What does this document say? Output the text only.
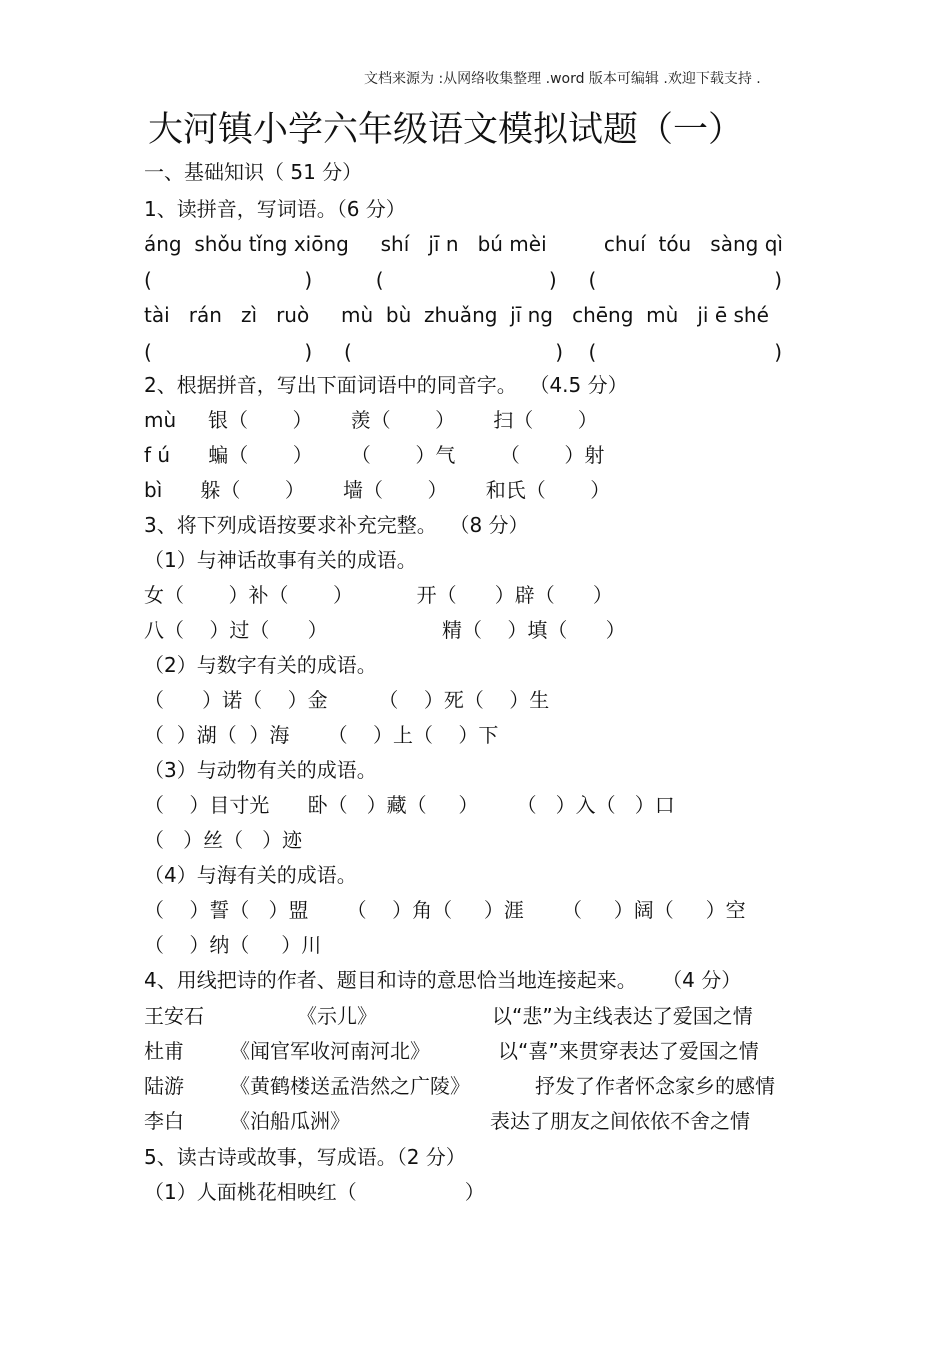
文档来源为 :从网络收集整理 .word 版本可编辑 .欢迎下载支持 .
大河镇小学六年级语文模拟试题（一）
一、基础知识（ 51 分）
1、读拼音，写词语。（6 分）
áng  shǒu tǐng xiōng     shí   jī n   bú mèi         chuí  tóu   sàng qì
(                        )          (                          )     (                            )
tài   rán   zì   ruò     mù  bù  zhuǎng  jī ng   chēng  mù   ji ē shé
(                        )     (                                )    (                            )
2、根据拼音，写出下面词语中的同音字。  （4.5 分）
mù     银（       ）      羡（       ）      扫（       ）
f ú      蝙（       ）      （       ）气       （       ）射
bì      躲（       ）      墙（       ）      和氏（       ）
3、将下列成语按要求补充完整。  （8 分）
（1）与神话故事有关的成语。
女（       ）补（       ）          开（      ）辟（      ）
八（    ）过（      ）                  精（    ）填（      ）
（2）与数字有关的成语。
（      ）诺（    ）金        （    ）死（    ）生
（  ）湖（  ）海      （    ）上（    ）下
（3）与动物有关的成语。
（    ）目寸光      卧（   ）藏（     ）      （   ）入（   ）口
（   ）丝（   ）迹
（4）与海有关的成语。
（    ）誓（   ）盟      （    ）角（     ）涯      （     ）阔（     ）空
（    ）纳（     ）川
4、用线把诗的作者、题目和诗的意思恰当地连接起来。    （4 分）
王安石	《示儿》	以“悲”为主线表达了爱国之情
杜甫 《闻官军收河南河北》	以“喜”来贯穿表达了爱国之情
陆游 《黄鹤楼送孟浩然之广陵》	抒发了作者怀念家乡的感情
李白 《泊船瓜洲》	表达了朋友之间依依不舍之情
5、读古诗或故事，写成语。（2 分）
（1）人面桃花相映红（                 ）
